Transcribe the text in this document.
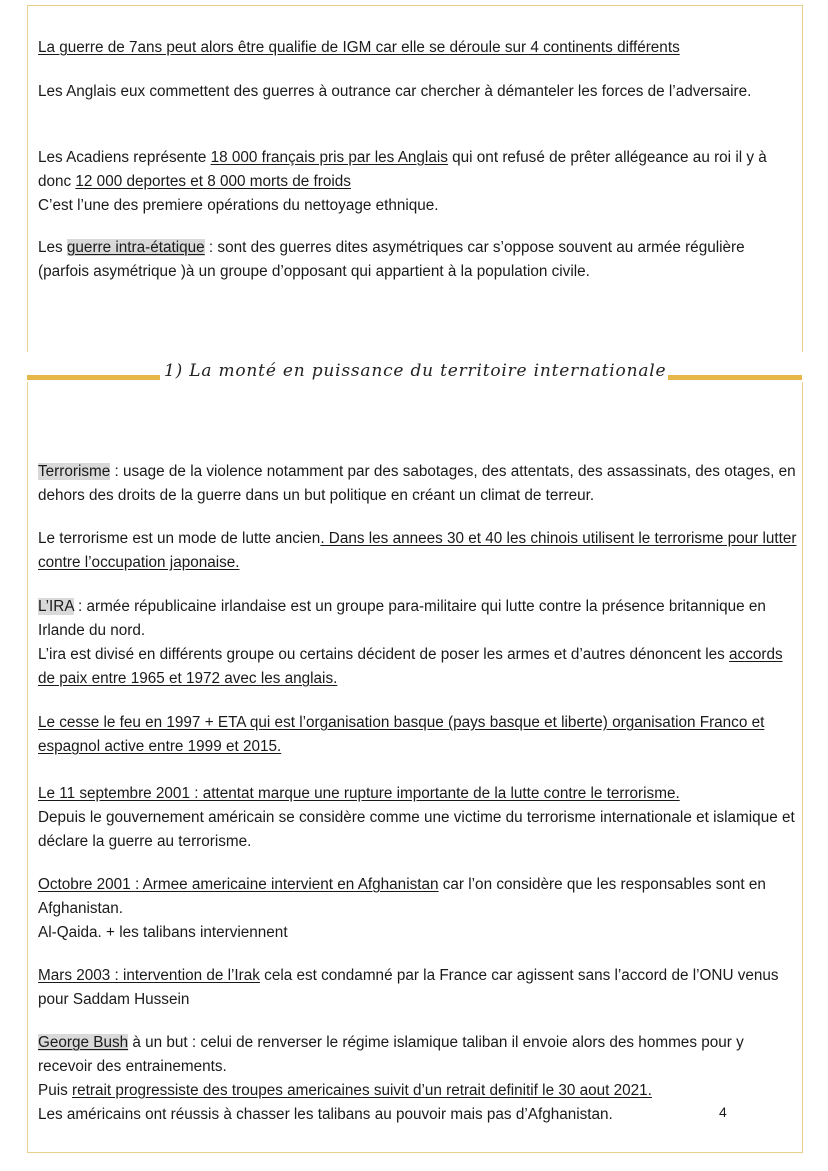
La guerre de 7ans peut alors être qualifie de IGM car elle se déroule sur 4 continents différents

Les Anglais eux commettent des guerres à outrance car chercher à démanteler les forces de l’adversaire.

Les Acadiens représente 18 000 français pris par les Anglais qui ont refusé de prêter allégeance au roi il y à donc 12 000 deportes et 8 000 morts de froids
C’est l’une des premiere opérations du nettoyage ethnique.

Les guerre intra-étatique : sont des guerres dites asymétriques car s’oppose souvent au armée régulière (parfois asymétrique )à un groupe d’opposant qui appartient à la population civile.

1) La monté en puissance du territoire internationale

Terrorisme : usage de la violence notamment par des sabotages, des attentats, des assassinats, des otages, en dehors des droits de la guerre dans un but politique en créant un climat de terreur.

Le terrorisme est un mode de lutte ancien. Dans les annees 30 et 40 les chinois utilisent le terrorisme pour lutter contre l’occupation japonaise.

L’IRA : armée républicaine irlandaise est un groupe para-militaire qui lutte contre la présence britannique en Irlande du nord.
L’ira est divisé en différents groupe ou certains décident de poser les armes et d’autres dénoncent les accords de paix entre 1965 et 1972 avec les anglais.

Le cesse le feu en 1997 + ETA qui est l’organisation basque (pays basque et liberte) organisation Franco et espagnol active entre 1999 et 2015.

Le 11 septembre 2001 : attentat marque une rupture importante de la lutte contre le terrorisme.
Depuis le gouvernement américain se considère comme une victime du terrorisme internationale et islamique et déclare la guerre au terrorisme.

Octobre 2001 : Armee americaine intervient en Afghanistan car l’on considère que les responsables sont en Afghanistan.
Al-Qaida. + les talibans interviennent

Mars 2003 : intervention de l’Irak cela est condamné par la France car agissent sans l’accord de l’ONU venus pour Saddam Hussein

George Bush à un but : celui de renverser le régime islamique taliban il envoie alors des hommes pour y recevoir des entrainements.
Puis retrait progressiste des troupes americaines suivit d’un retrait definitif le 30 aout 2021.
Les américains ont réussis à chasser les talibans au pouvoir mais pas d’Afghanistan.	4
